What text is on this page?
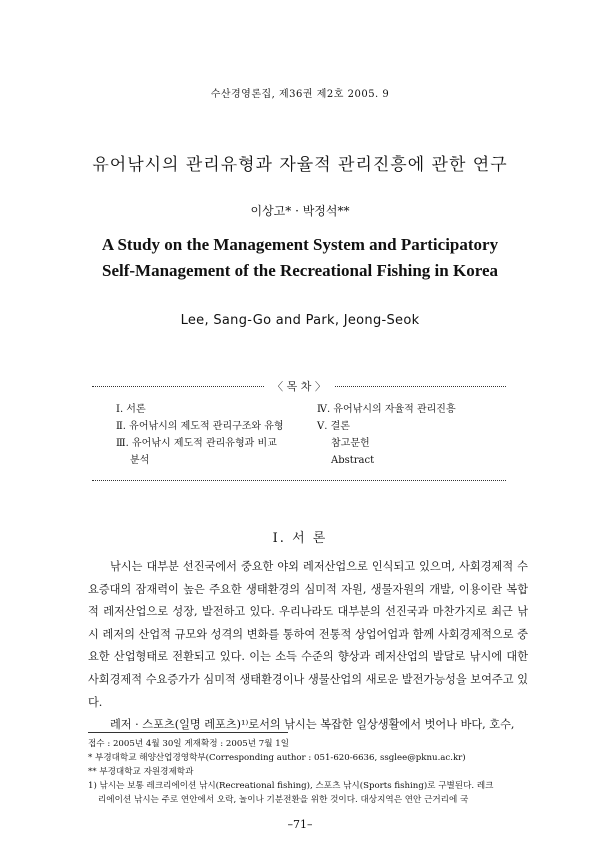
수산경영론집, 제36권 제2호 2005. 9
유어낚시의 관리유형과 자율적 관리진흥에 관한 연구
이상고* · 박정석**
A Study on the Management System and Participatory
Self-Management of the Recreational Fishing in Korea
Lee, Sang-Go and Park, Jeong-Seok
〈 목 차 〉
Ⅰ. 서론
Ⅱ. 유어낚시의 제도적 관리구조와 유형
Ⅲ. 유어낚시 제도적 관리유형과 비교
분석
Ⅳ. 유어낚시의 자율적 관리진흥
Ⅴ. 결론
참고문헌
Abstract
Ⅰ. 서 론

낚시는 대부분 선진국에서 중요한 야외 레저산업으로 인식되고 있으며, 사회경제적 수요증대의 잠재력이 높은 주요한 생태환경의 심미적 자원, 생물자원의 개발, 이용이란 복합적 레저산업으로 성장, 발전하고 있다. 우리나라도 대부분의 선진국과 마찬가지로 최근 낚시 레저의 산업적 규모와 성격의 변화를 통하여 전통적 상업어업과 함께 사회경제적으로 중요한 산업형태로 전환되고 있다. 이는 소득 수준의 향상과 레저산업의 발달로 낚시에 대한 사회경제적 수요증가가 심미적 생태환경이나 생물산업의 새로운 발전가능성을 보여주고 있다.

레저 · 스포츠(일명 레포츠)¹⁾로서의 낚시는 복잡한 일상생활에서 벗어나 바다, 호수,

접수 : 2005년 4월 30일 게재확정 : 2005년 7월 1일
* 부경대학교 해양산업경영학부(Corresponding author : 051-620-6636, ssglee@pknu.ac.kr)
** 부경대학교 자원경제학과
1) 낚시는 보통 레크리에이션 낚시(Recreational fishing), 스포츠 낚시(Sports fishing)로 구별된다. 레크
리에이션 낚시는 주로 연안에서 오락, 놀이나 기분전환을 위한 것이다. 대상지역은 연안 근거리에 국
–71–
